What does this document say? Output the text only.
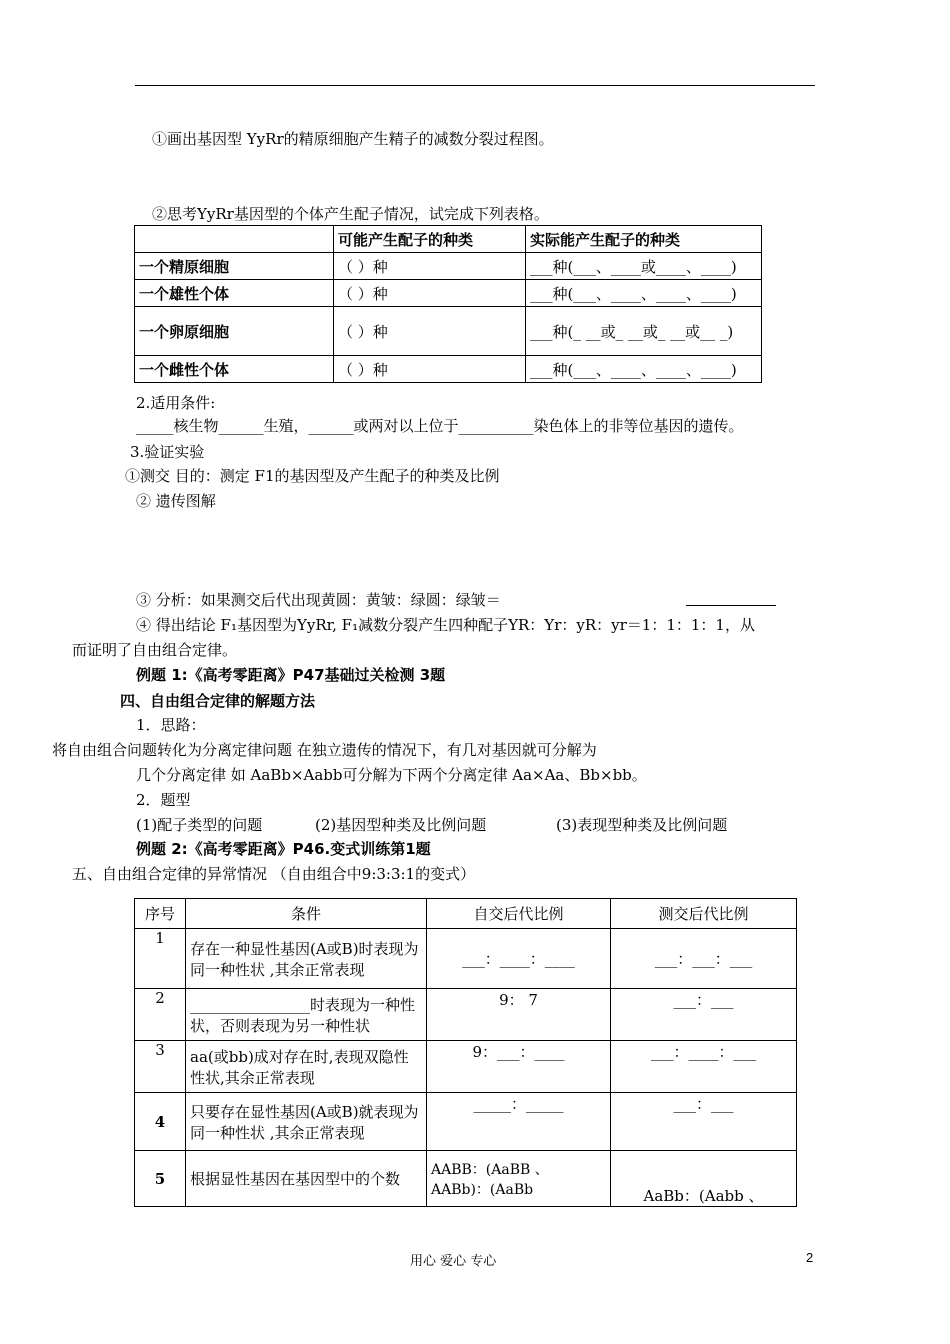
①画出基因型 YyRr的精原细胞产生精子的减数分裂过程图。
②思考YyRr基因型的个体产生配子情况，试完成下列表格。
	可能产生配子的种类	实际能产生配子的种类
一个精原细胞	（ ）种	___种(___、____或____、____)
一个雄性个体	（ ）种	___种(___、____、____、____)
一个卵原细胞	（ ）种	___种(_ __或_ __或_ __或__ _)
一个雌性个体	（ ）种	___种(___、____、____、____)
2.适用条件:
_____核生物______生殖，______或两对以上位于__________染色体上的非等位基因的遗传。
3.验证实验
①测交 目的：测定 F1的基因型及产生配子的种类及比例
② 遗传图解
③ 分析：如果测交后代出现黄圆：黄皱：绿圆：绿皱＝
④ 得出结论 F₁基因型为YyRr, F₁减数分裂产生四种配子YR：Yr：yR：yr＝1：1：1：1，从
而证明了自由组合定律。
例题 1:《高考零距离》P47基础过关检测 3题
四、自由组合定律的解题方法
1．思路：
将自由组合问题转化为分离定律问题 在独立遗传的情况下，有几对基因就可分解为
几个分离定律 如 AaBb×Aabb可分解为下两个分离定律 Aa×Aa、Bb×bb。
2．题型
(1)配子类型的问题	(2)基因型种类及比例问题	(3)表现型种类及比例问题
例题 2:《高考零距离》P46.变式训练第1题
五、自由组合定律的异常情况 （自由组合中9:3:3:1的变式）
序号	条件	自交后代比例	测交后代比例
1	存在一种显性基因(A或B)时表现为同一种性状 ,其余正常表现	___：____：____	___：___：___
2	________________时表现为一种性状，否则表现为另一种性状	9： 7	___：___
3	aa(或bb)成对存在时,表现双隐性性状,其余正常表现	9：___：____	___：____：___
4	只要存在显性基因(A或B)就表现为同一种性状 ,其余正常表现	_____：_____	___：___
5	根据显性基因在基因型中的个数	AABB：(AaBB 、 AABb)：(AaBb	AaBb：(Aabb 、
用心 爱心 专心	2
